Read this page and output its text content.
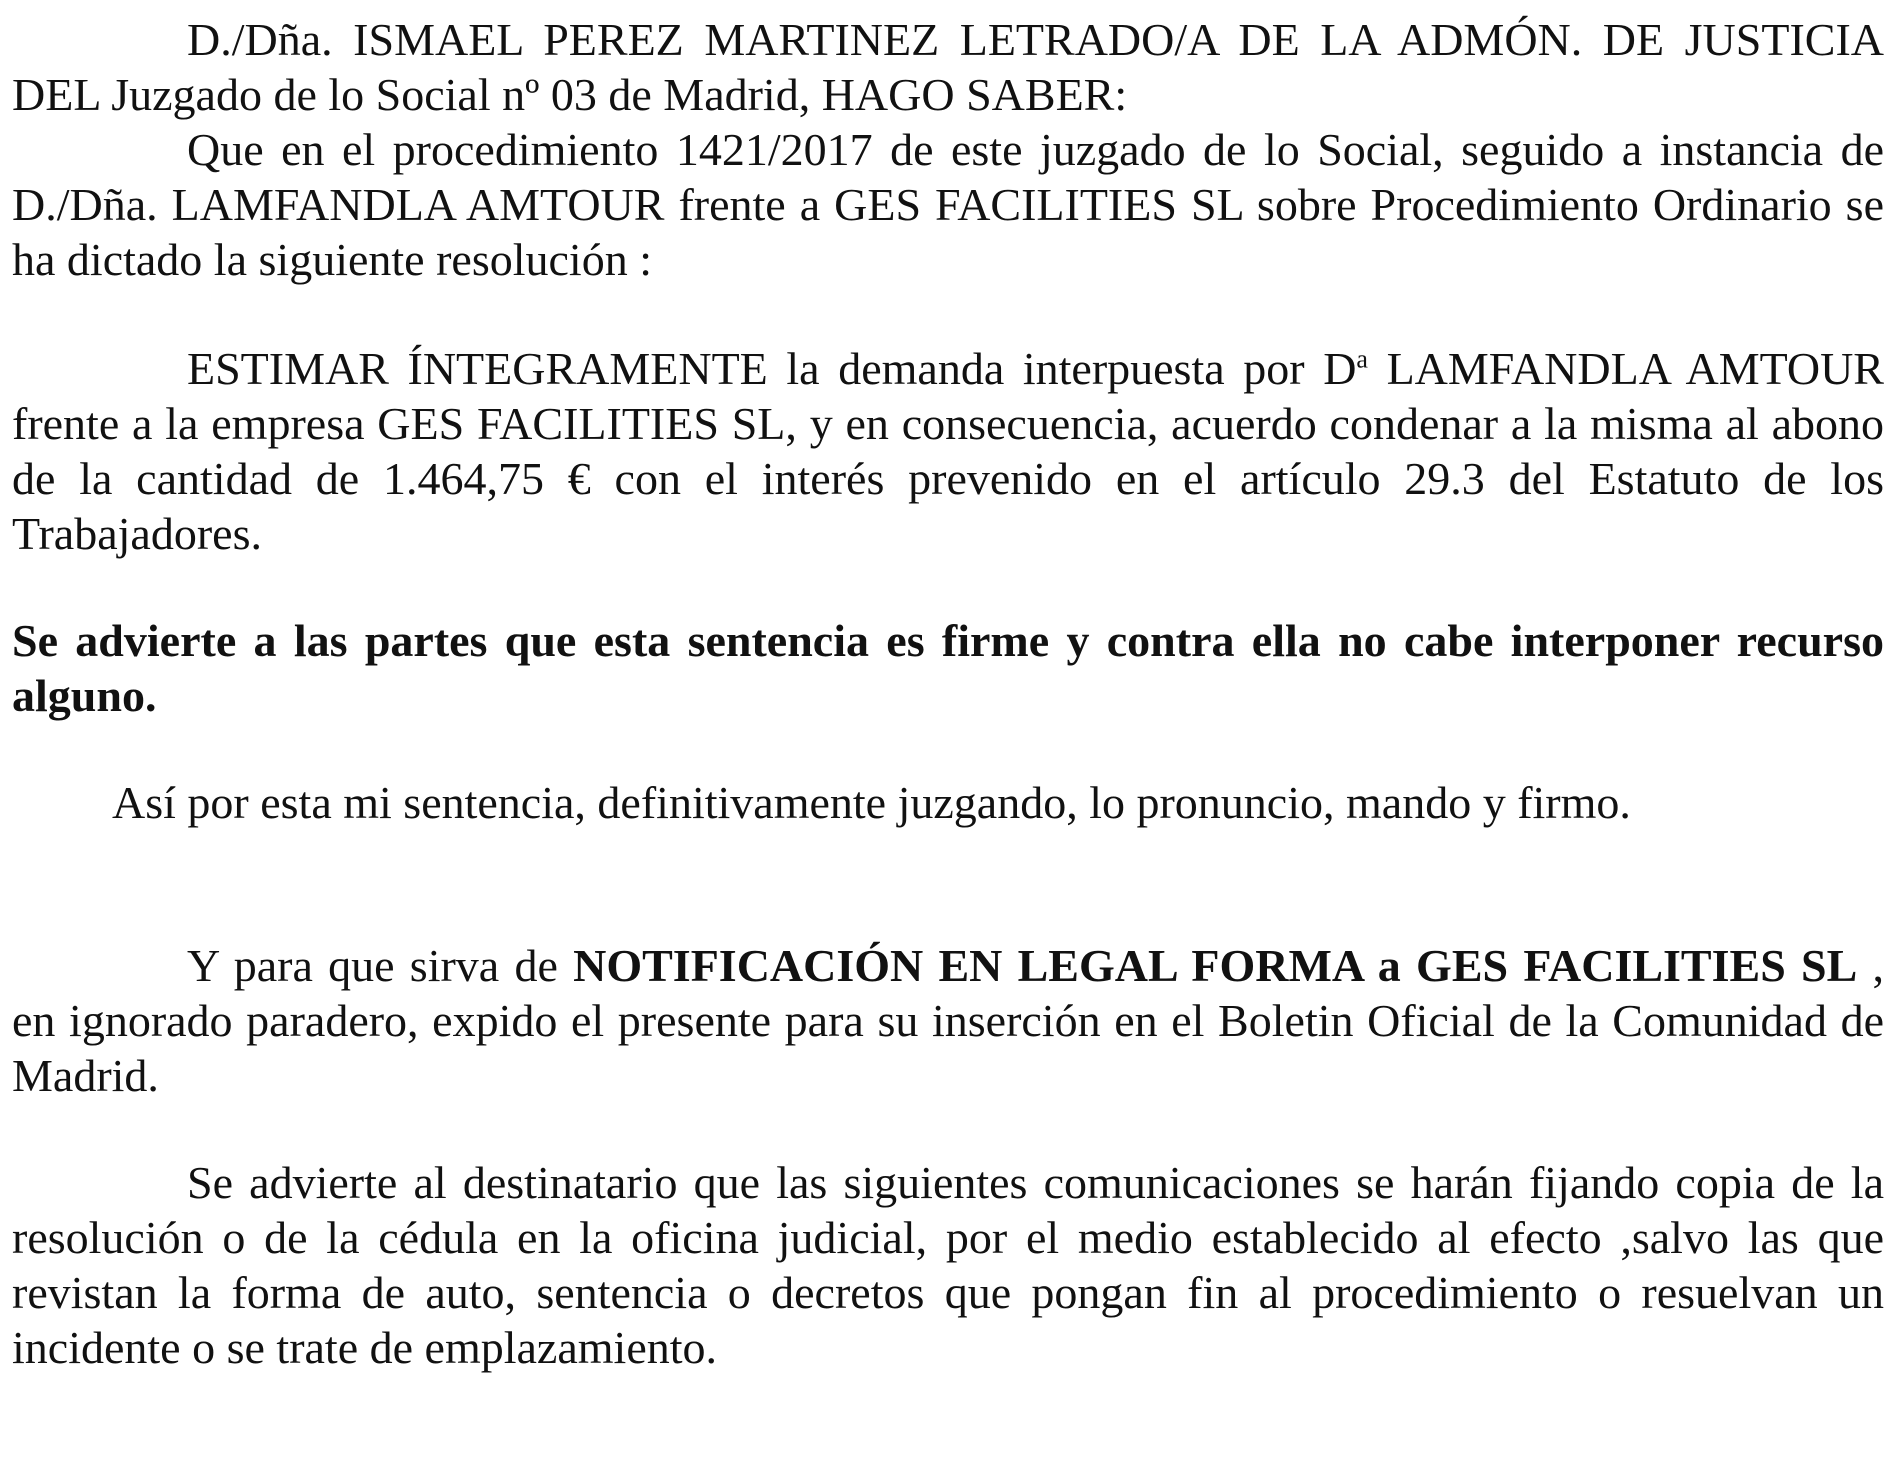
D./Dña. ISMAEL PEREZ MARTINEZ LETRADO/A DE LA ADMÓN. DE JUSTICIA DEL Juzgado de lo Social nº 03 de Madrid, HAGO SABER:

Que en el procedimiento 1421/2017 de este juzgado de lo Social, seguido a instancia de D./Dña. LAMFANDLA AMTOUR frente a GES FACILITIES SL sobre Procedimiento Ordinario se ha dictado la siguiente resolución :

ESTIMAR ÍNTEGRAMENTE la demanda interpuesta por $D^a$ LAMFANDLA AMTOUR frente a la empresa GES FACILITIES SL, y en consecuencia, acuerdo condenar a la misma al abono de la cantidad de 1.464,75 € con el interés prevenido en el artículo 29.3 del Estatuto de los Trabajadores.

Se advierte a las partes que esta sentencia es firme y contra ella no cabe interponer recurso alguno.

Así por esta mi sentencia, definitivamente juzgando, lo pronuncio, mando y firmo.

Y para que sirva de NOTIFICACIÓN EN LEGAL FORMA a GES FACILITIES SL , en ignorado paradero, expido el presente para su inserción en el Boletin Oficial de la Comunidad de Madrid.

Se advierte al destinatario que las siguientes comunicaciones se harán fijando copia de la resolución o de la cédula en la oficina judicial, por el medio establecido al efecto ,salvo las que revistan la forma de auto, sentencia o decretos que pongan fin al procedimiento o resuelvan un incidente o se trate de emplazamiento.
